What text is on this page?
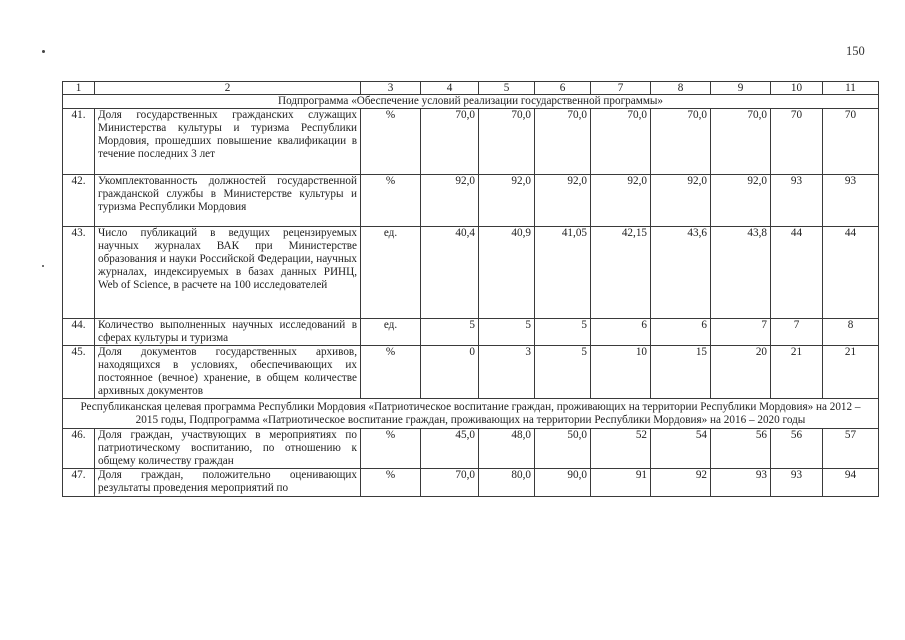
150
1	2	3	4	5	6	7	8	9	10	11
Подпрограмма «Обеспечение условий реализации государственной программы»										
41.	Доля государственных гражданских служащих Министерства культуры и туризма Республики Мордовия, прошедших повышение квалификации в течение последних 3 лет	%	70,0	70,0	70,0	70,0	70,0	70,0	70	70
42.	Укомплектованность должностей государственной гражданской службы в Министерстве культуры и туризма Республики Мордовия	%	92,0	92,0	92,0	92,0	92,0	92,0	93	93
43.	Число публикаций в ведущих рецензируемых научных журналах ВАК при Министерстве образования и науки Российской Федерации, научных журналах, индексируемых в базах данных РИНЦ, Web of Science, в расчете на 100 исследователей	ед.	40,4	40,9	41,05	42,15	43,6	43,8	44	44
44.	Количество выполненных научных исследований в сферах культуры и туризма	ед.	5	5	5	6	6	7	7	8
45.	Доля документов государственных архивов, находящихся в условиях, обеспечивающих их постоянное (вечное) хранение, в общем количестве архивных документов	%	0	3	5	10	15	20	21	21
Республиканская целевая программа Республики Мордовия «Патриотическое воспитание граждан, проживающих на территории Республики Мордовия» на 2012 – 2015 годы, Подпрограмма «Патриотическое воспитание граждан, проживающих на территории Республики Мордовия» на 2016 – 2020 годы										
46.	Доля граждан, участвующих в мероприятиях по патриотическому воспитанию, по отношению к общему количеству граждан	%	45,0	48,0	50,0	52	54	56	56	57
47.	Доля граждан, положительно оценивающих результаты проведения мероприятий по	%	70,0	80,0	90,0	91	92	93	93	94
